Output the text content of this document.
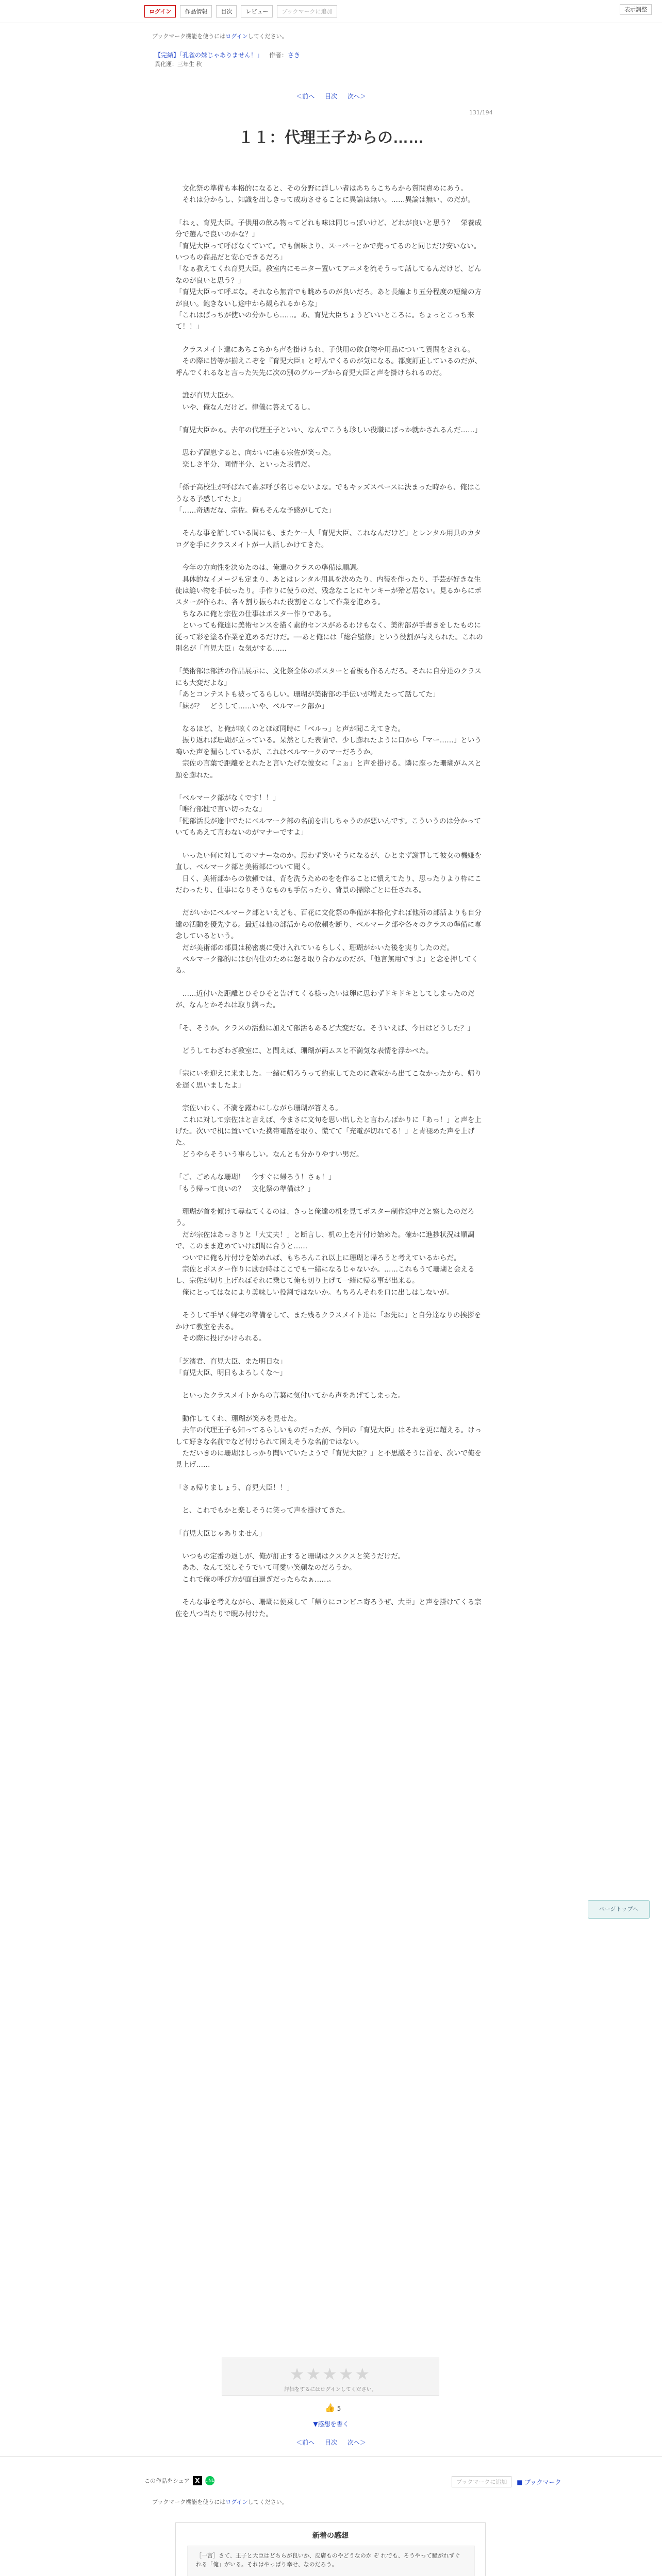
ログイン	作品情報	目次	レビュー	ブックマークに追加	表示調整
ブックマーク機能を使うにはログインしてください。
【完結】「孔雀の妹じゃありません！」 作者：さき
異化運：三年生 秋
＜前へ 目次 次へ＞
131/194
１１：代理王子からの……

　文化祭の準備も本格的になると、その分野に詳しい者はあちらこちらから質問責めにあう。

　それは分からし、知識を出しきって成功させることに異論は無い。……異論は無い、のだが。

「ねぇ、育児大臣。子供用の飲み物ってどれも味は同じっぽいけど、どれが良いと思う？　栄養成分で選んで良いのかな？」

「育児大臣って呼ばなくていて。でも個味より、スーパーとかで売ってるのと同じだけ安いない。いつもの商品だと安心できるだろ」

「なぁ教えてくれ育児大臣。教室内にモニター置いてアニメを流そうって話してるんだけど、どんなのが良いと思う？」

「育児大臣って呼ぶな。それなら無音でも眺めるのが良いだろ。あと長編より五分程度の短編の方が良い。飽きないし途中から観られるからな」

「これはぱっちが使いの分かしら……。あ、育児大臣ちょうどいいところに。ちょっとこっち来て！！」

　クラスメイト達にあちこちから声を掛けられ、子供用の飲食物や用品について質問をされる。

　その際に皆等が揃えこぞを『育児大臣』と呼んでくるのが気になる。都度訂正しているのだが、呼んでくれるなと言った矢先に次の別のグループから育児大臣と声を掛けられるのだ。

　誰が育児大臣か。

　いや、俺なんだけど。律儀に答えてるし。

「育児大臣かぁ。去年の代理王子といい、なんでこうも珍しい役職にばっか就かされるんだ……」

　思わず溜息すると、向かいに座る宗佐が笑った。

　楽しさ半分、同情半分、といった表情だ。

「孫子高校生が呼ばれて喜ぶ呼び名じゃないよな。でもキッズスペースに決まった時から、俺はこうなる予感してたよ」

「……奇遇だな、宗佐。俺もそんな予感がしてた」

　そんな事を話している間にも、またケー人「育児大臣、これなんだけど」とレンタル用具のカタログを手にクラスメイトが一人話しかけてきた。

　今年の方向性を決めたのは、俺達のクラスの準備は順調。

　具体的なイメージも定まり、あとはレンタル用具を決めたり、内装を作ったり、手芸が好きな生徒は縫い物を手伝ったり。手作りに使うのだ、残念なことにヤンキーが殆ど居ない。見るからにポスターが作られ、各々割り振られた役割をこなして作業を進める。

　ちなみに俺と宗佐の仕事はポスター作りである。

　といっても俺達に美術センスを描く素的センスがあるわけもなく、美術部が手書きをしたものに従って彩を塗る作業を進めるだけだ。──あと俺には「総合監修」という役割が与えられた。これの別名が「育児大臣」な気がする……

「美術部は部活の作品展示に、文化祭全体のポスターと看板も作るんだろ。それに自分達のクラスにも大変だよな」

「あとコンテストも被ってるらしい。珊瑚が美術部の手伝いが増えたって話してた」

「妹が？　どうして……いや、ベルマーク部か」

　なるほど、と俺が呟くのとほぼ同時に「ベルっ」と声が聞こえてきた。

　振り返れば珊瑚が立っている。呆然とした表情で、少し膨れたように口から「マー……」という鳴いた声を漏らしているが、これはベルマークのマーだろうか。

　宗佐の言葉で距離をとれたと言いたげな彼女に「よぉ」と声を掛ける。隣に座った珊瑚がムスと顔を膨れた。

「ベルマーク部がなくです！！」

「唯行部健で言い切ったな」

「健部活長が途中でたにベルマーク部の名前を出しちゃうのが悪いんです。こういうのは分かっていてもあえて言わないのがマナーですよ」

　いったい何に対してのマナーなのか。思わず笑いそうになるが、ひとまず謝罪して彼女の機嫌を直し、ベルマーク部と美術部について聞く。

　日く、美術部からの依頼では、背を洗うためのをを作ることに慣えてたり、思ったりより枠にこだわったり、仕事になりそうなものも手伝ったり、背景の掃除ごとに任される。

　だがいかにベルマーク部といえども、百花に文化祭の準備が本格化すれば他所の部活よりも自分達の活動を優先する。最近は他の部活からの依頼を断り、ベルマーク部や各々のクラスの準備に専念しているという。

　だが美術部の部員は秘密裏に受け入れているらしく、珊瑚がかいた後を実りしたのだ。

　ベルマーク部的にはむ内仕のために怒る取り合わなのだが、「他言無用ですよ」と念を押してくる。

　……近付いた距離とひそひそと告げてくる様ったいは卵に思わずドキドキとしてしまったのだが、なんとかそれは取り繕った。

「そ、そうか。クラスの活動に加えて部活もあるど大変だな。そういえば、今日はどうした？」

　どうしてわざわざ教室に、と問えば、珊瑚が両ムスと不満気な表情を浮かべた。

「宗にいを迎えに来ました。一緒に帰ろうって約束してたのに教室から出てこなかったから、帰りを遅く思いましたよ」

　宗佐いわく、不満を露わにしながら珊瑚が答える。

　これに対して宗佐はと言えば、今まさに文句を思い出したと言わんばかりに「あっ！」と声を上げた。次いで机に置いていた携帯電話を取り、慌てて「充電が切れてる！」と青褪めた声を上げた。

　どうやらそういう事らしい。なんとも分かりやすい男だ。

「ご、ごめんな珊瑚！　今すぐに帰ろう！さぁ！」

「もう帰って良いの？　文化祭の準備は？」

　珊瑚が首を傾けて尋ねてくるのは、きっと俺達の机を見てポスター制作途中だと察したのだろう。

　だが宗佐はあっさりと「大丈夫！」と断言し、机の上を片付け始めた。確かに進捗状況は順調で、このまま進めていけば間に合うと……

　ついでに俺も片付けを始めれば、もちろんこれ以上に珊瑚と帰ろうと考えているからだ。

　宗佐とポスター作りに励む時はここでも一緒になるじゃないか。……これもうて珊瑚と会えるし、宗佐が切り上げればそれに乗じて俺も切り上げて一緒に帰る事が出来る。

　俺にとってはなにより美味しい役割ではないか。もちろんそれを口に出しはしないが。

　そうして手早く帰宅の準備をして、また残るクラスメイト達に「お先に」と自分達なりの挨拶をかけて教室を去る。

　その際に投げかけられる。

「芝濱君、育児大臣、また明日な」

「育児大臣、明日もよろしくな～」

　といったクラスメイトからの言葉に気付いてから声をあげてしまった。

　動作してくれ、珊瑚が笑みを見せた。

　去年の代理王子も知ってるらしいものだったが、今回の「育児大臣」はそれを更に超える。けっして好きな名前でなど付けられて困えそうな名前ではない。

　ただいきのに珊瑚はしっかり聞いていたようで「育児大臣？」と不思議そうに首を、次いで俺を見上げ……

「さぁ帰りましょう、育児大臣！！」

　と、これでもかと楽しそうに笑って声を掛けてきた。

「育児大臣じゃありません」

　いつもの定番の返しが、俺が訂正すると珊瑚はクスクスと笑うだけだ。

　ああ、なんて楽しそうでいて可愛い笑顔なのだろうか。

　これで俺の呼び方が面白過ぎだったらなぁ……。

　そんな事を考えながら、珊瑚に便乗して「帰りにコンビニ寄ろうぜ、大臣」と声を掛けてくる宗佐を八つ当たりで睨み付けた。

ページトップへ
★★★★★
評価をするにはログインしてください。
👍 5
▼感想を書く
＜前へ 目次 次へ＞
この作品をシェア X	LINE	ブックマークに追加	■ ブックマーク
ブックマーク機能を使うにはログインしてください。
新着の感想
［一言］さて、王子と大臣はどちらが良いか、皮膚ものやどうなのか ぞ れでも、そうやって騒がれずぐれる「俺」がいる。それはやっぱり幸せ、なのだろう。
